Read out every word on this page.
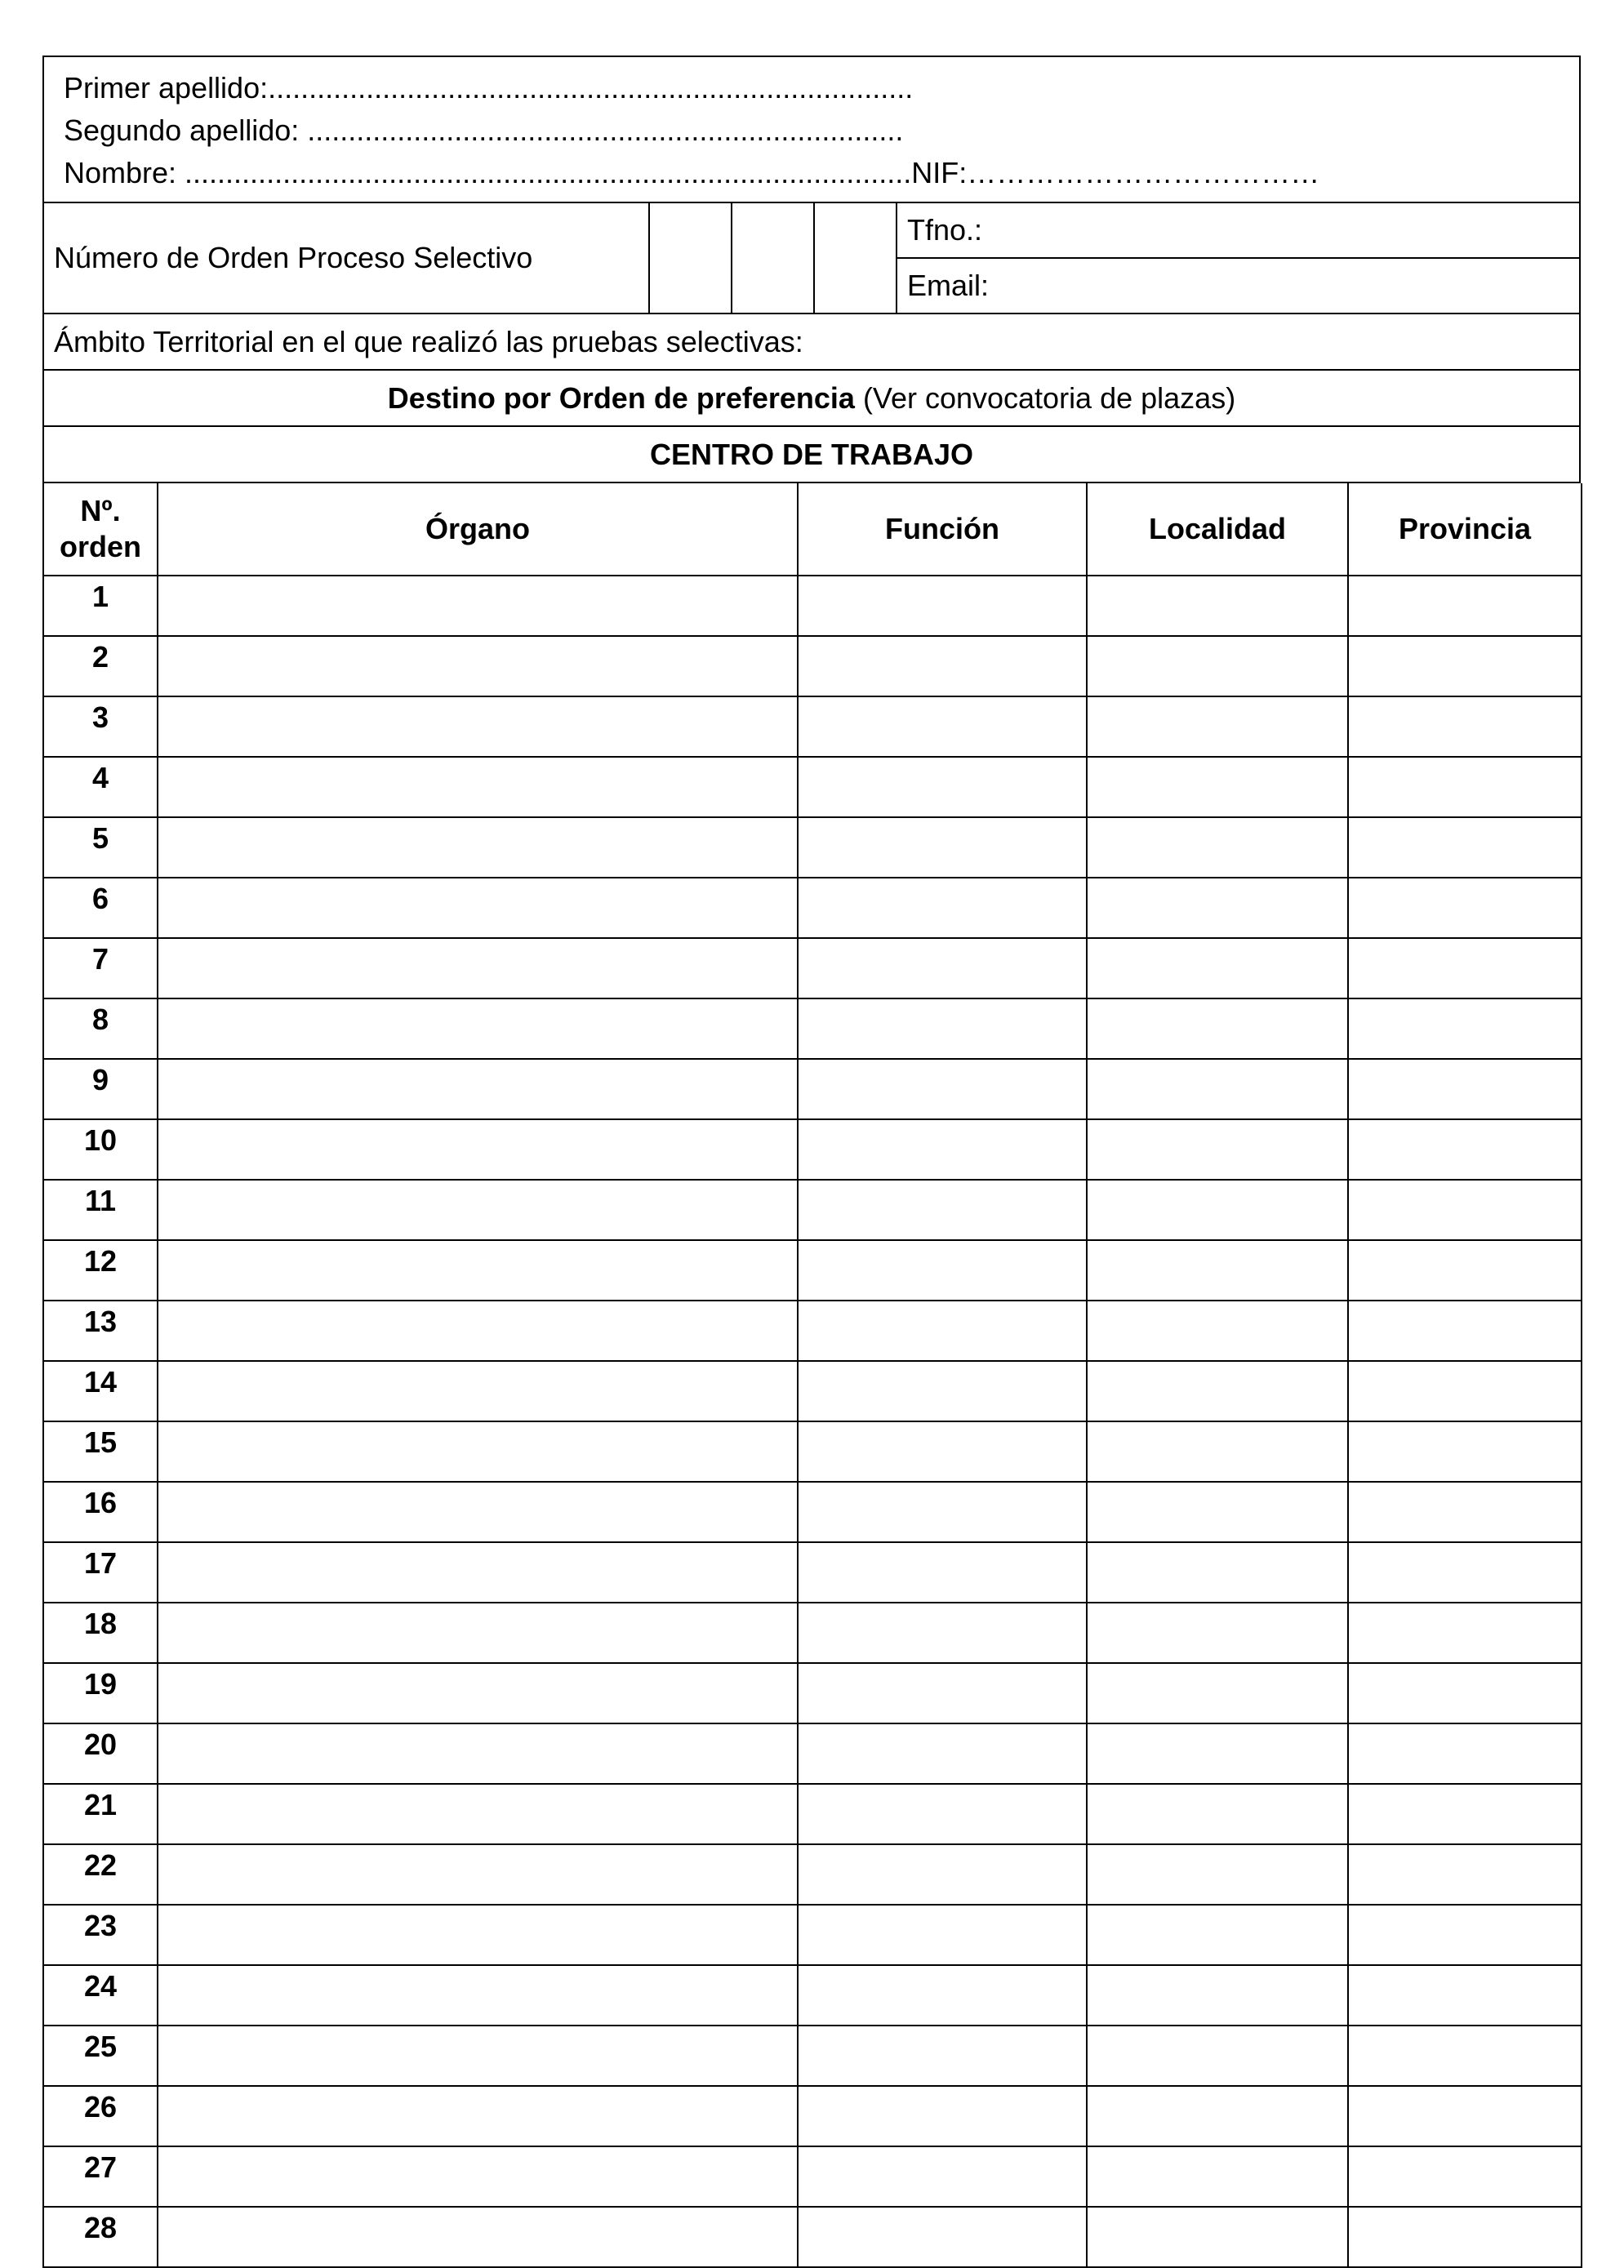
Primer apellido:...............................................................................
Segundo apellido: .........................................................................
Nombre: .........................................................................................NIF:………………………………
Número de Orden Proceso Selectivo
Tfno.:
Email:
Ámbito Territorial en el que realizó las pruebas selectivas:
Destino por Orden de preferencia (Ver convocatoria de plazas)
CENTRO DE TRABAJO
Nº.
orden	Órgano	Función	Localidad	Provincia
1				
2				
3				
4				
5				
6				
7				
8				
9				
10				
11				
12				
13				
14				
15				
16				
17				
18				
19				
20				
21				
22				
23				
24				
25				
26				
27				
28				
